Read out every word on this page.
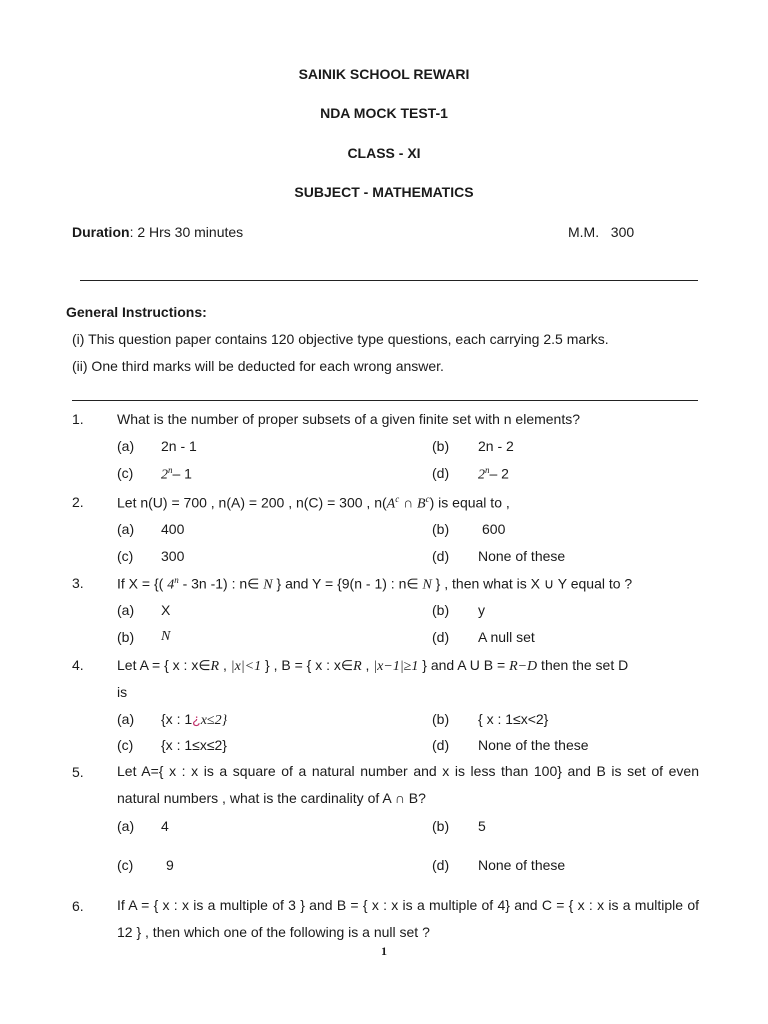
SAINIK SCHOOL REWARI
NDA MOCK TEST-1
CLASS - XI
SUBJECT - MATHEMATICS
Duration: 2 Hrs 30 minutes	M.M. 300
General Instructions:
(i) This question paper contains 120 objective type questions, each carrying 2.5 marks.
(ii) One third marks will be deducted for each wrong answer.
1. What is the number of proper subsets of a given finite set with n elements?
(a) 2n - 1	(b) 2n - 2
(c) 2$^n$– 1	(d) 2$^n$– 2
2. Let n(U) = 700 , n(A) = 200 , n(C) = 300 , $n(A^c$ ∩ $B^c$) is equal to ,
(a) 400	(b) 600
(c) 300	(d) None of these
3. If X = {( 4$^n$ - 3n -1) : n∈ N } and Y = {9(n - 1) : n∈ N } , then what is X ∪ Y equal to ?
(a) X	(b) y
(b) N	(d) A null set
4. Let A = { x : x∈R , |x|<1 } , B = { x : x∈R , |x−1|≥1 } and A U B = R−D then the set D
is
(a) {x : 1¿x≤2}	(b) { x : 1≤x<2}
(c) {x : 1≤x≤2}	(d) None of the these
5. Let A={ x : x is a square of a natural number and x is less than 100} and B is set of even natural numbers , what is the cardinality of A ∩ B?
(a) 4	(b) 5
(c) 9	(d) None of these
6. If A = { x : x is a multiple of 3 } and B = { x : x is a multiple of 4} and C = { x : x is a multiple of 12 } , then which one of the following is a null set ?
1
